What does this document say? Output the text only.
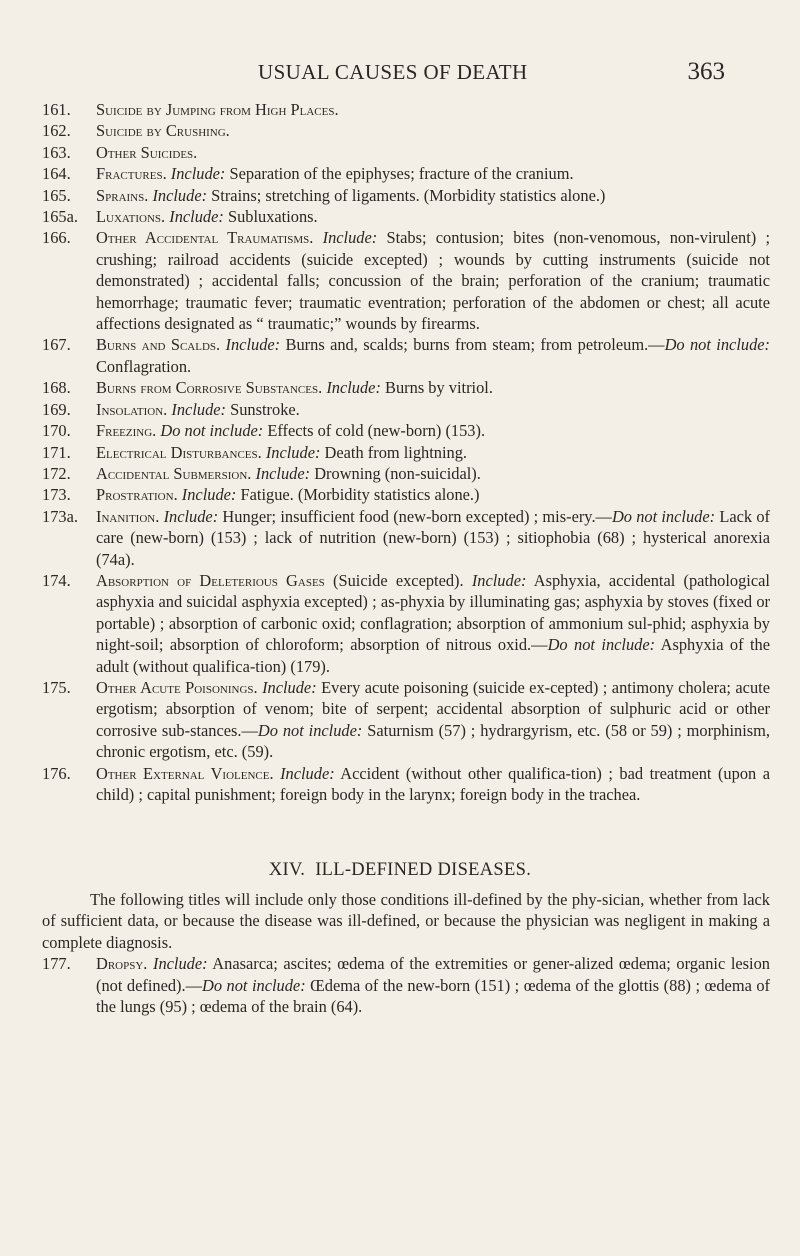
USUAL CAUSES OF DEATH	363
161. Suicide by Jumping from High Places.
162. Suicide by Crushing.
163. Other Suicides.
164. Fractures. Include: Separation of the epiphyses; fracture of the cranium.
165. Sprains. Include: Strains; stretching of ligaments. (Morbidity statistics alone.)
165a. Luxations. Include: Subluxations.
166. Other Accidental Traumatisms. Include: Stabs; contusion; bites (non-venomous, non-virulent) ; crushing; railroad accidents (suicide excepted) ; wounds by cutting instruments (suicide not demonstrated) ; accidental falls; concussion of the brain; perforation of the cranium; traumatic hemorrhage; traumatic fever; traumatic eventration; perforation of the abdomen or chest; all acute affections designated as “ traumatic;” wounds by firearms.
167. Burns and Scalds. Include: Burns and, scalds; burns from steam; from petroleum.—Do not include: Conflagration.
168. Burns from Corrosive Substances. Include: Burns by vitriol.
169. Insolation. Include: Sunstroke.
170. Freezing. Do not include: Effects of cold (new-born) (153).
171. Electrical Disturbances. Include: Death from lightning.
172. Accidental Submersion. Include: Drowning (non-suicidal).
173. Prostration. Include: Fatigue. (Morbidity statistics alone.)
173a. Inanition. Include: Hunger; insufficient food (new-born excepted) ; mis-ery.—Do not include: Lack of care (new-born) (153) ; lack of nutrition (new-born) (153) ; sitiophobia (68) ; hysterical anorexia (74a).
174. Absorption of Deleterious Gases (Suicide excepted). Include: Asphyxia, accidental (pathological asphyxia and suicidal asphyxia excepted) ; as-phyxia by illuminating gas; asphyxia by stoves (fixed or portable) ; absorption of carbonic oxid; conflagration; absorption of ammonium sul-phid; asphyxia by night-soil; absorption of chloroform; absorption of nitrous oxid.—Do not include: Asphyxia of the adult (without qualifica-tion) (179).
175. Other Acute Poisonings. Include: Every acute poisoning (suicide ex-cepted) ; antimony cholera; acute ergotism; absorption of venom; bite of serpent; accidental absorption of sulphuric acid or other corrosive sub-stances.—Do not include: Saturnism (57) ; hydrargyrism, etc. (58 or 59) ; morphinism, chronic ergotism, etc. (59).
176. Other External Violence. Include: Accident (without other qualifica-tion) ; bad treatment (upon a child) ; capital punishment; foreign body in the larynx; foreign body in the trachea.
XIV. ILL-DEFINED DISEASES.

The following titles will include only those conditions ill-defined by the phy-sician, whether from lack of sufficient data, or because the disease was ill-defined, or because the physician was negligent in making a complete diagnosis.

177. Dropsy. Include: Anasarca; ascites; œdema of the extremities or gener-alized œdema; organic lesion (not defined).—Do not include: Œdema of the new-born (151) ; œdema of the glottis (88) ; œdema of the lungs (95) ; œdema of the brain (64).
